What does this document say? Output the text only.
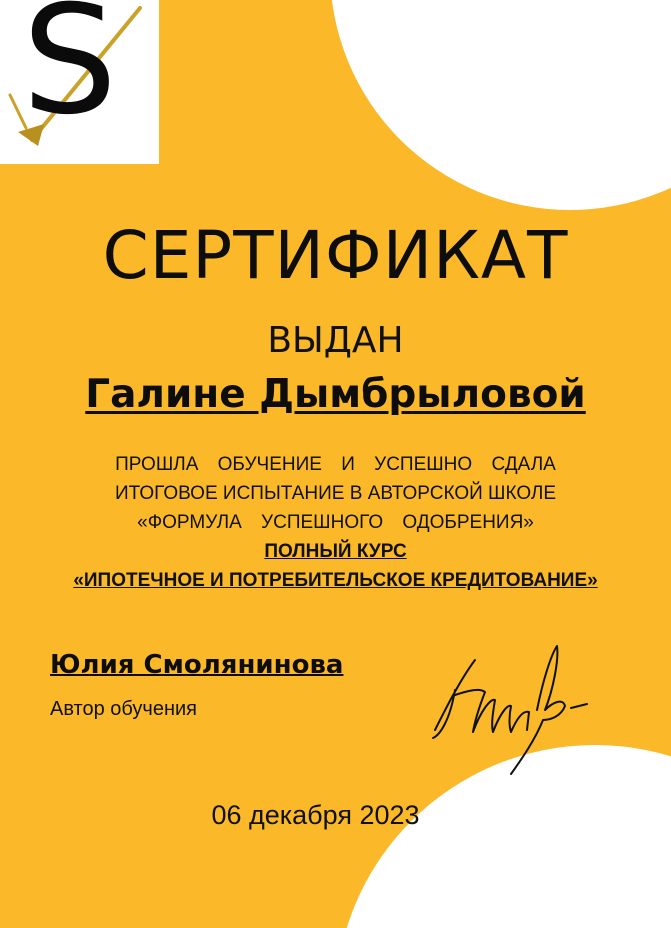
S
СЕРТИФИКАТ
ВЫДАН
Галине Дымбрыловой
ПРОШЛА ОБУЧЕНИЕ И УСПЕШНО СДАЛА
ИТОГОВОЕ ИСПЫТАНИЕ В АВТОРСКОЙ ШКОЛЕ
«ФОРМУЛА УСПЕШНОГО ОДОБРЕНИЯ»
ПОЛНЫЙ КУРС
«ИПОТЕЧНОЕ И ПОТРЕБИТЕЛЬСКОЕ КРЕДИТОВАНИЕ»
Юлия Смолянинова
Автор обучения
06 декабря 2023
